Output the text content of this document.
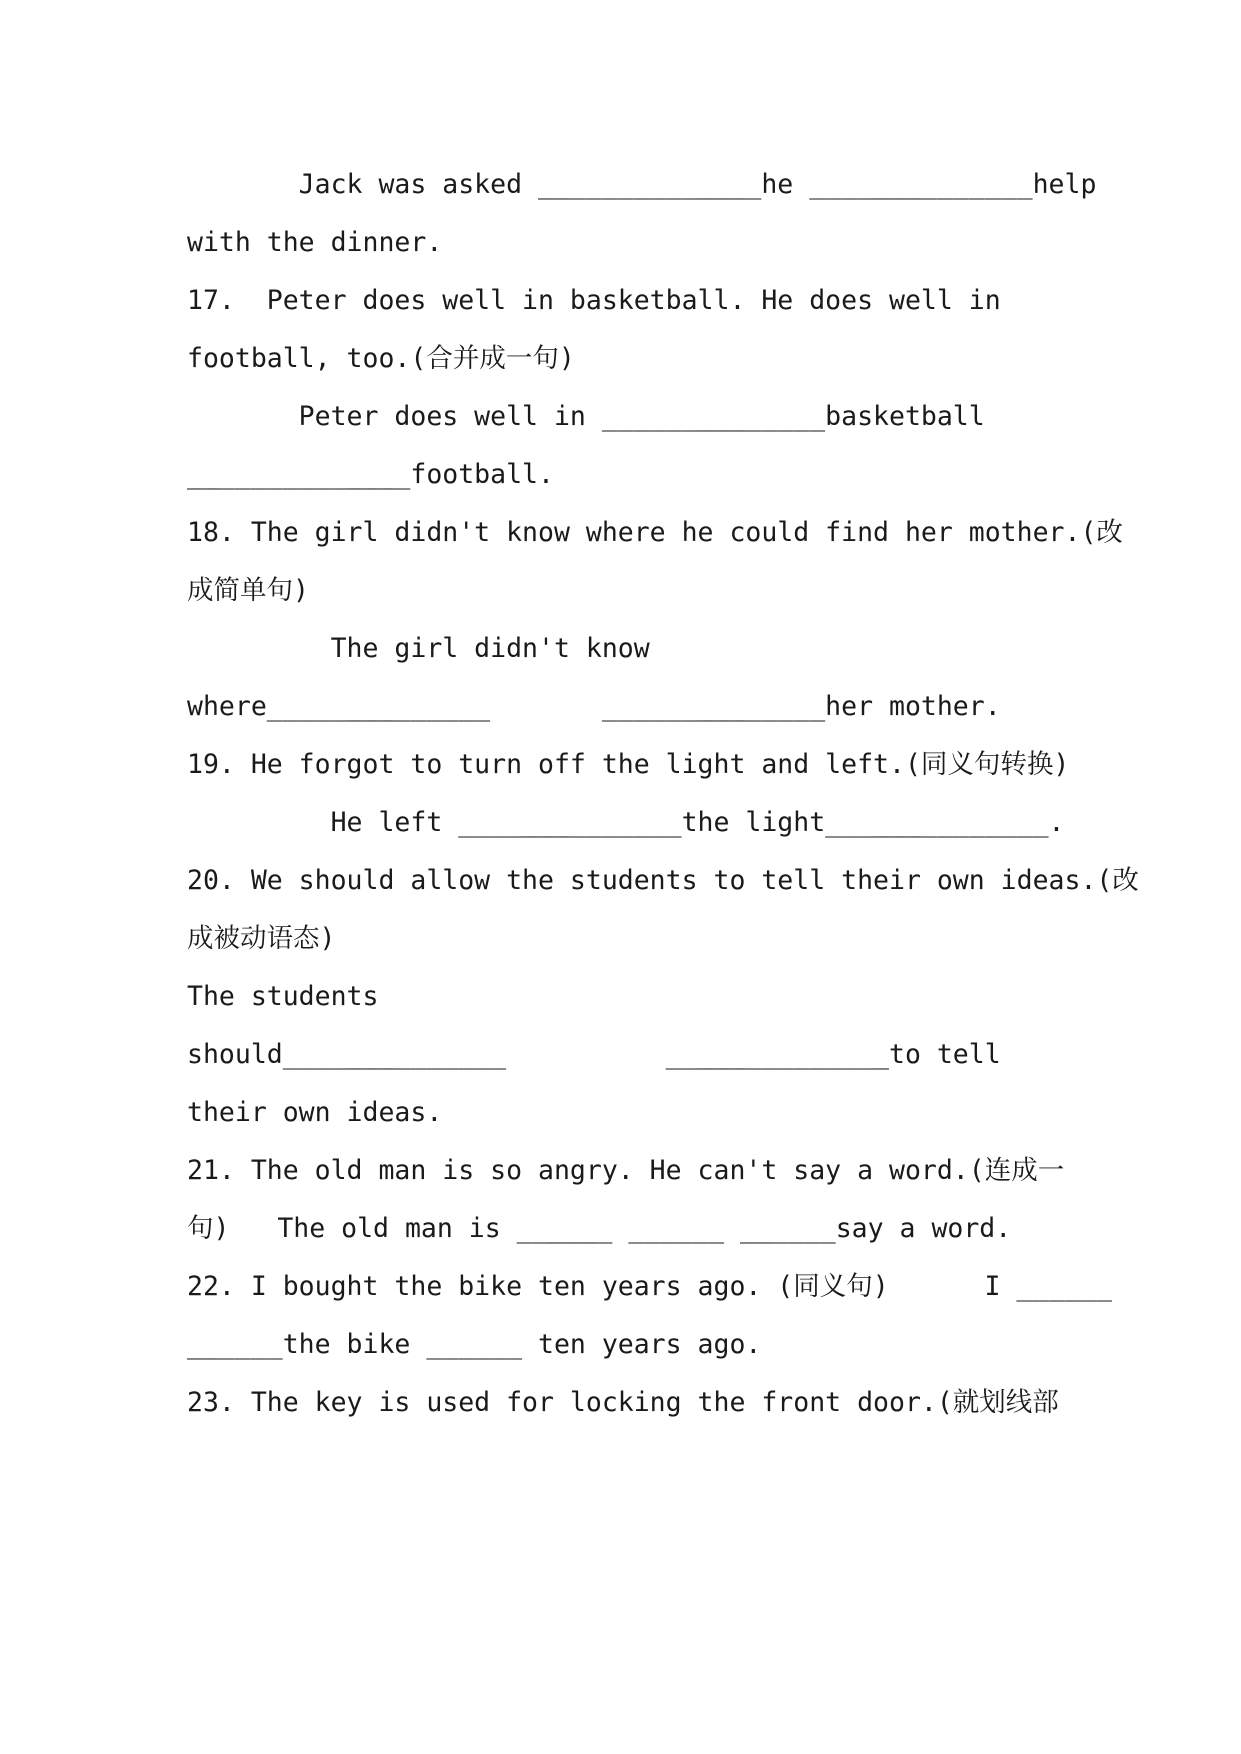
Jack was asked ______________he ______________help
with the dinner.
17.  Peter does well in basketball. He does well in
football, too.(合并成一句)
Peter does well in ______________basketball
______________football.
18. The girl didn't know where he could find her mother.(改
成简单句)
The girl didn't know
where______________       ______________her mother.
19. He forgot to turn off the light and left.(同义句转换)
He left ______________the light______________.
20. We should allow the students to tell their own ideas.(改
成被动语态)
The students
should______________          ______________to tell
their own ideas.
21. The old man is so angry. He can't say a word.(连成一
句)   The old man is ______ ______ ______say a word.
22. I bought the bike ten years ago. (同义句)      I ______
______the bike ______ ten years ago.
23. The key is used for locking the front door.(就划线部
